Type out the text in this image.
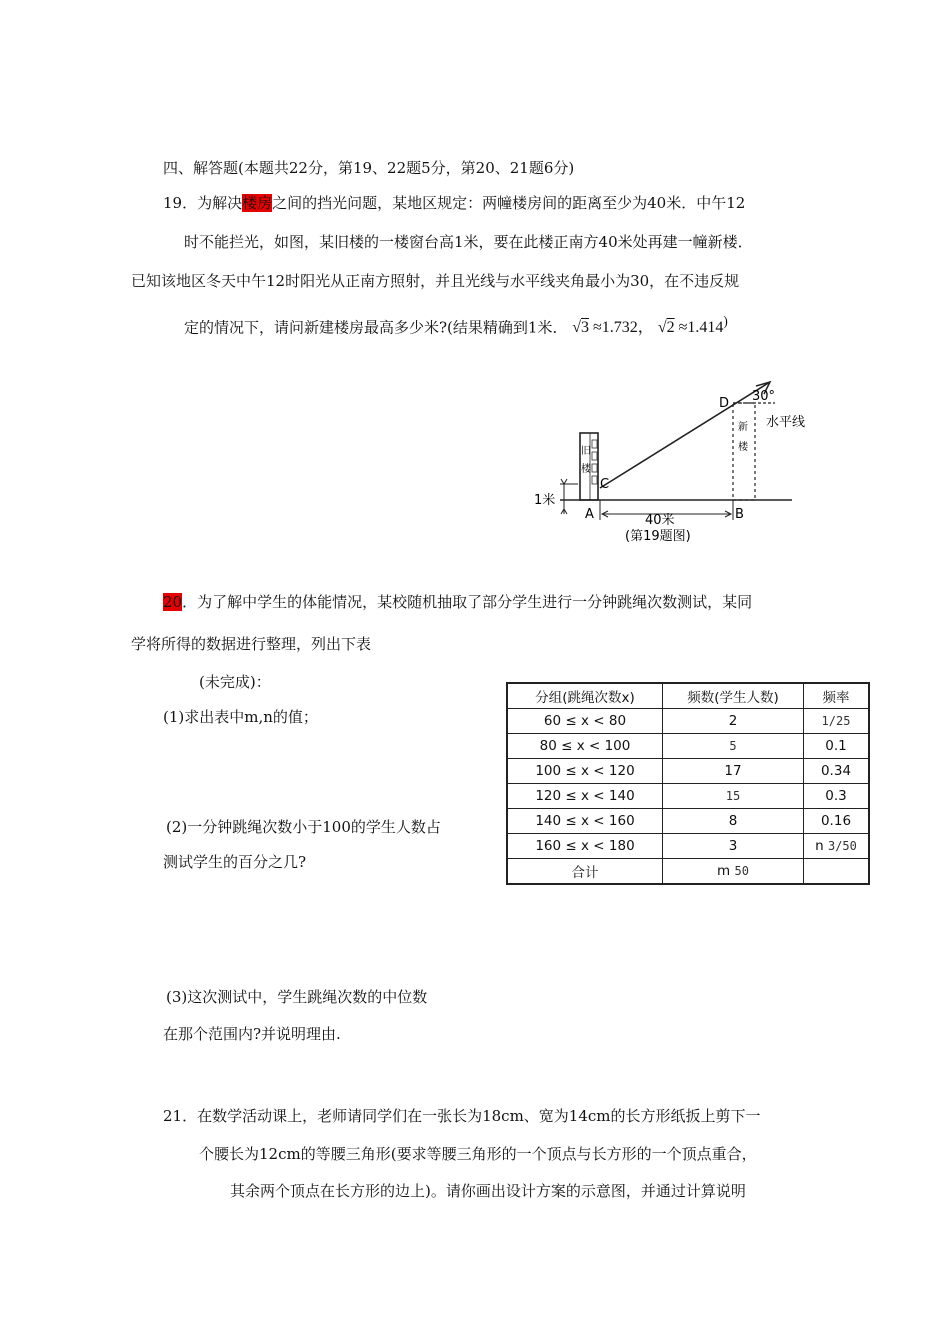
四、解答题(本题共22分，第19、22题5分，第20、21题6分)
19．为解决楼房之间的挡光问题，某地区规定：两幢楼房间的距离至少为40米．中午12
时不能拦光，如图，某旧楼的一楼窗台高1米，要在此楼正南方40米处再建一幢新楼．
已知该地区冬天中午12时阳光从正南方照射，并且光线与水平线夹角最小为30，在不违反规
定的情况下，请问新建楼房最高多少米?(结果精确到1米． √3 ≈1.732， √2 ≈1.414)
旧
楼
新
楼
30°
水平线
D
C
1米
A	B
40米
(第19题图)
20．为了解中学生的体能情况，某校随机抽取了部分学生进行一分钟跳绳次数测试，某同
学将所得的数据进行整理，列出下表
(未完成)：
(1)求出表中m,n的值；
(2)一分钟跳绳次数小于100的学生人数占
测试学生的百分之几?
(3)这次测试中，学生跳绳次数的中位数
在那个范围内?并说明理由.
分组(跳绳次数x)	频数(学生人数)	频率
60 ≤ x < 80	2	1/25
80 ≤ x < 100	5	0.1
100 ≤ x < 120	17	0.34
120 ≤ x < 140	15	0.3
140 ≤ x < 160	8	0.16
160 ≤ x < 180	3	n 3/50
合计	m 50	
21．在数学活动课上，老师请同学们在一张长为18cm、宽为14cm的长方形纸扳上剪下一
个腰长为12cm的等腰三角形(要求等腰三角形的一个顶点与长方形的一个顶点重合，
其余两个顶点在长方形的边上)。请你画出设计方案的示意图，并通过计算说明
